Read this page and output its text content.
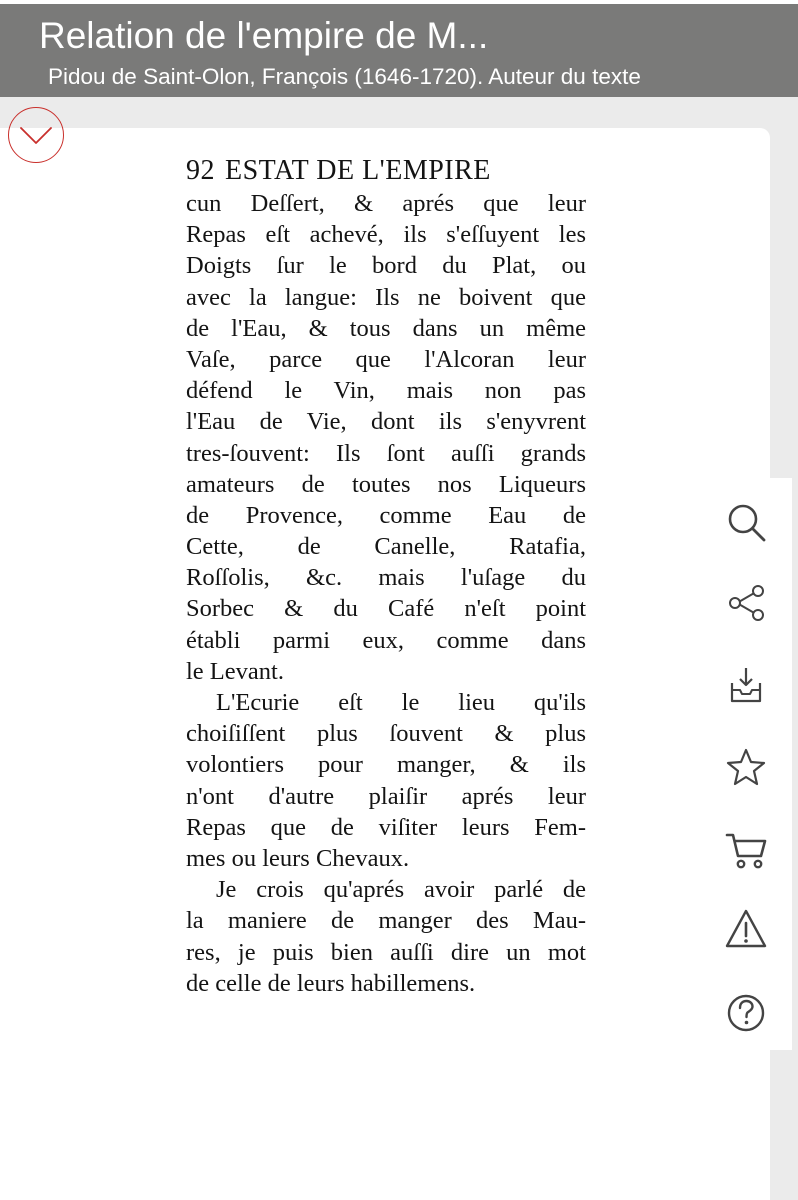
Relation de l'empire de M...
Pidou de Saint-Olon, François (1646-1720). Auteur du texte
92 ESTAT DE L'EMPIRE
cun Deſſert, & aprés que leur
Repas eſt achevé, ils s'eſſuyent les
Doigts ſur le bord du Plat, ou
avec la langue: Ils ne boivent que
de l'Eau, & tous dans un même
Vaſe, parce que l'Alcoran leur
défend le Vin, mais non pas
l'Eau de Vie, dont ils s'enyvrent
tres-ſouvent: Ils ſont auſſi grands
amateurs de toutes nos Liqueurs
de Provence, comme Eau de
Cette, de Canelle, Ratafia,
Roſſolis, &c. mais l'uſage du
Sorbec & du Café n'eſt point
établi parmi eux, comme dans
le Levant.
L'Ecurie eſt le lieu qu'ils
choiſiſſent plus ſouvent & plus
volontiers pour manger, & ils
n'ont d'autre plaiſir aprés leur
Repas que de viſiter leurs Fem-
mes ou leurs Chevaux.
Je crois qu'aprés avoir parlé de
la maniere de manger des Mau-
res, je puis bien auſſi dire un mot
de celle de leurs habillemens.
